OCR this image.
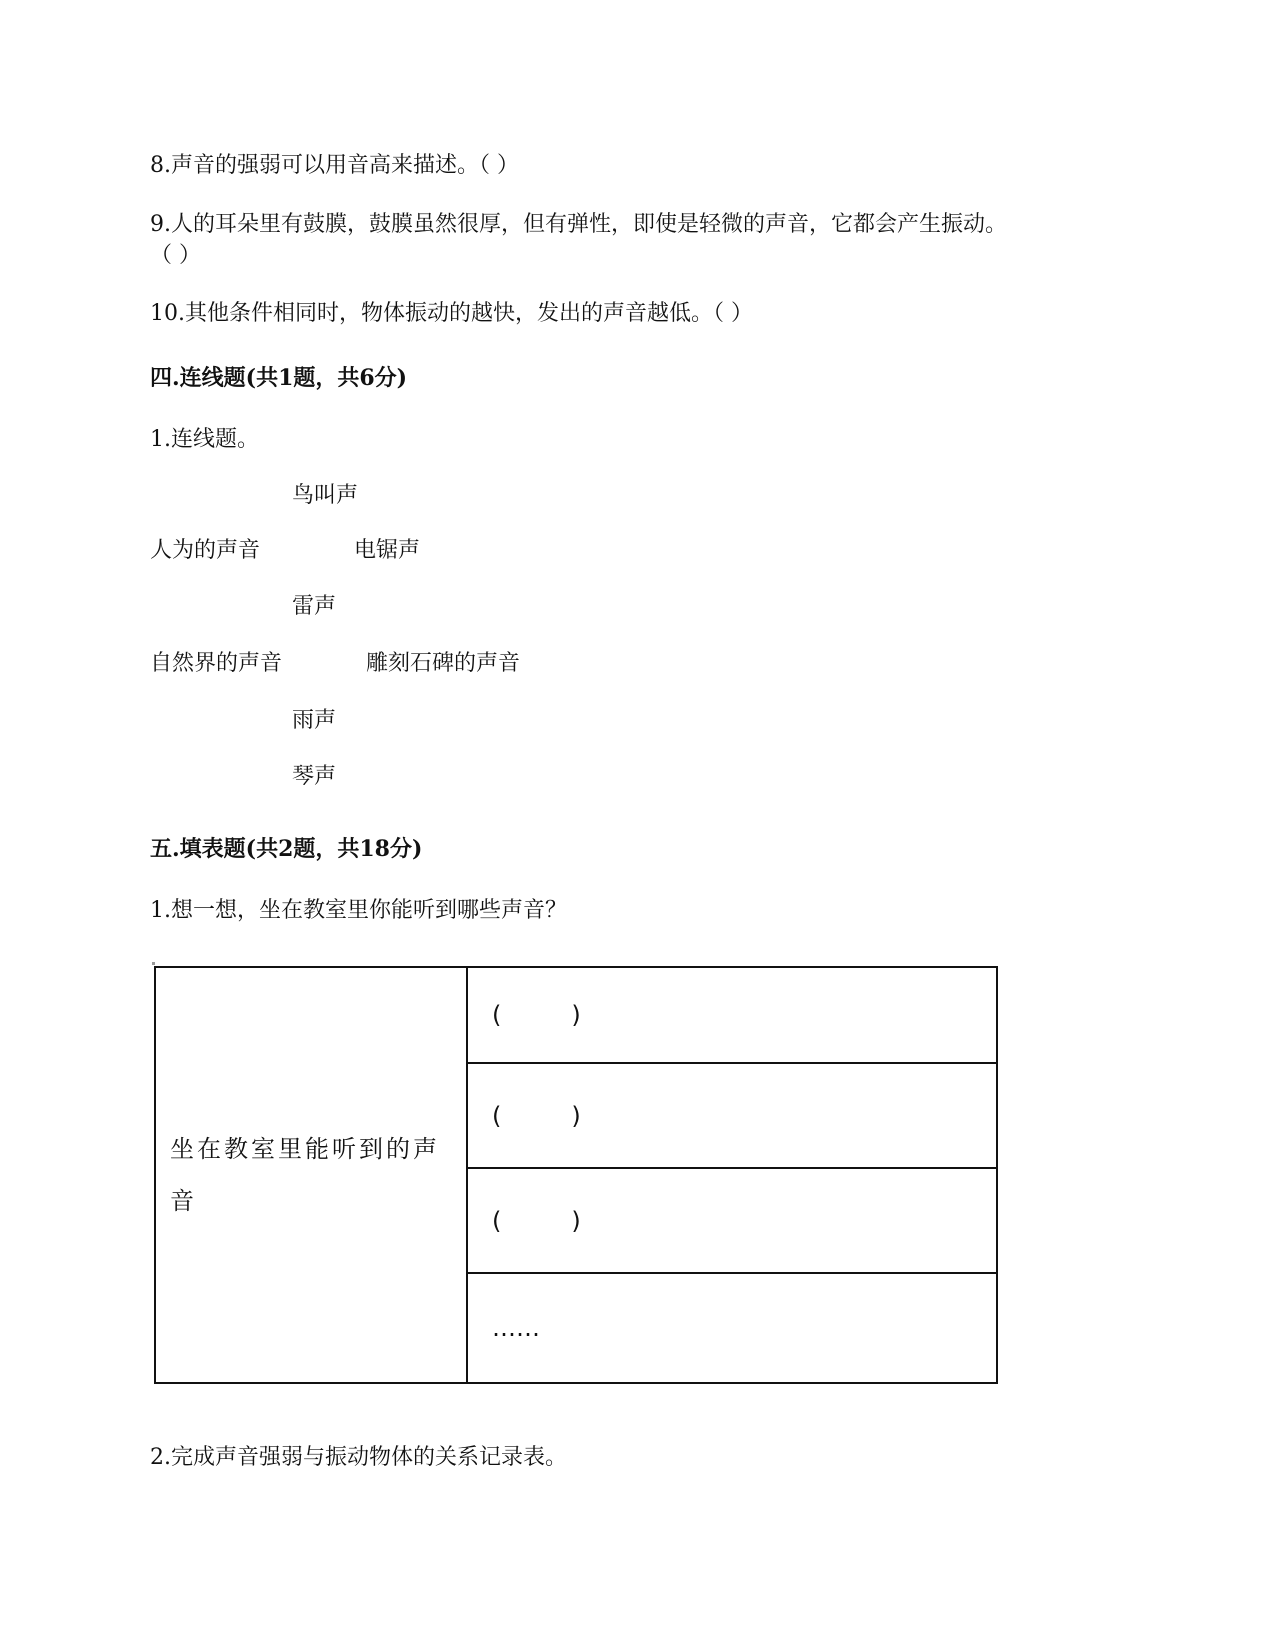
8.声音的强弱可以用音高来描述。（ ）
9.人的耳朵里有鼓膜，鼓膜虽然很厚，但有弹性，即使是轻微的声音，它都会产生振动。
（ ）
10.其他条件相同时，物体振动的越快，发出的声音越低。（ ）
四.连线题(共1题，共6分)
1.连线题。
鸟叫声
人为的声音	电锯声
雷声
自然界的声音	雕刻石碑的声音
雨声
琴声
五.填表题(共2题，共18分)
1.想一想，坐在教室里你能听到哪些声音？
坐在教室里能听到的声
音
	(	)
(	)
(	)
……
2.完成声音强弱与振动物体的关系记录表。
